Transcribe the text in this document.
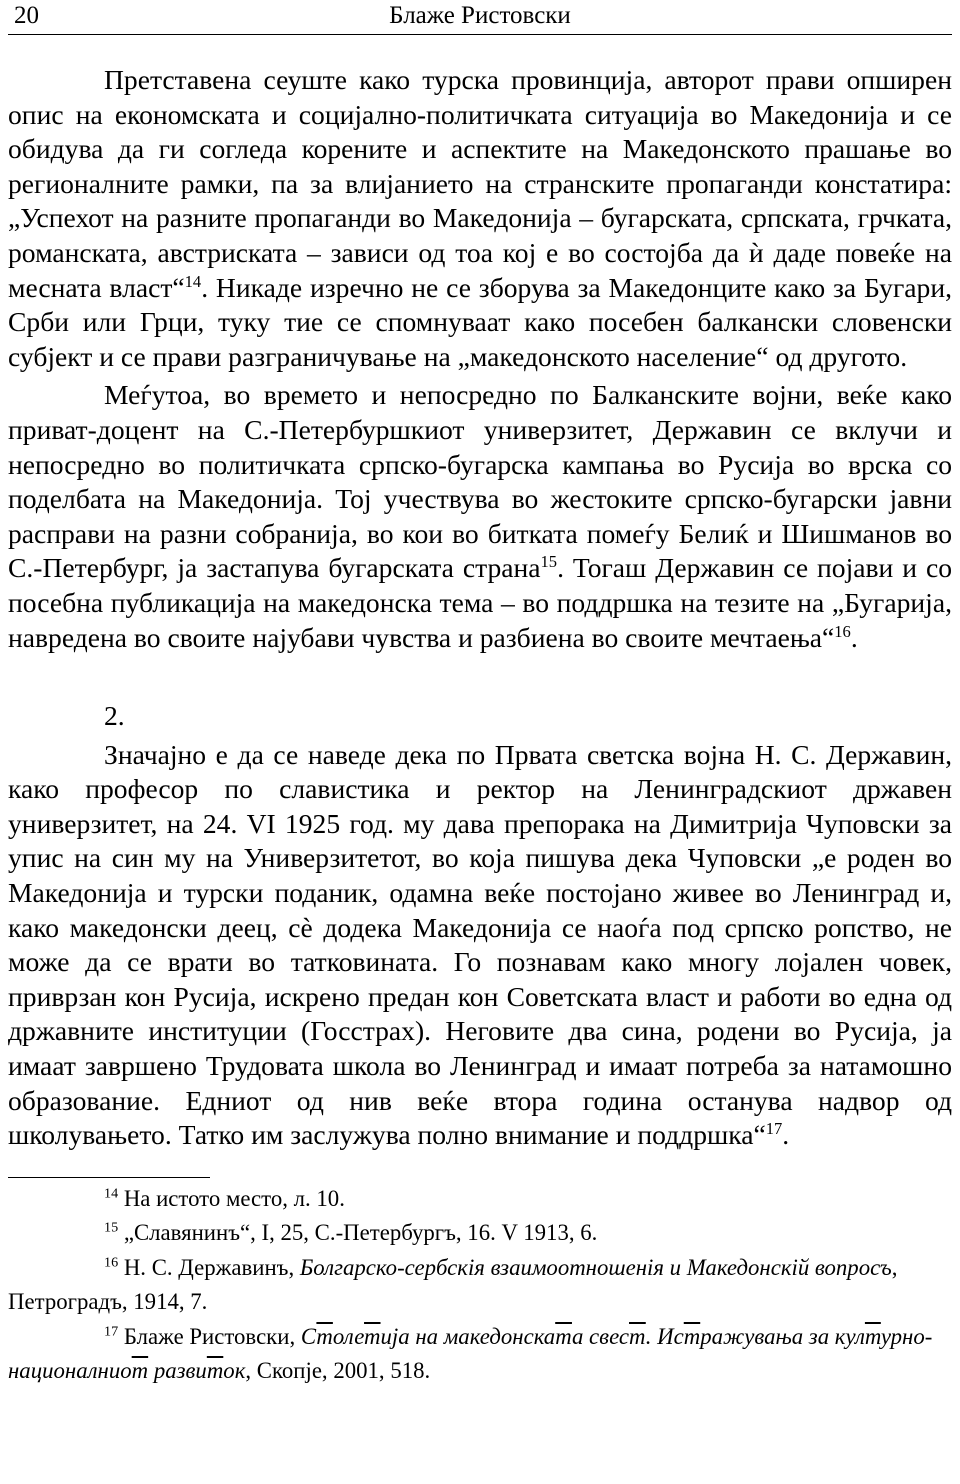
20	Блаже Ристовски

Претставена сеуште како турска провинција, авторот прави опширен опис на економската и социјално-политичката ситуација во Македонија и се обидува да ги согледа корените и аспектите на Македонското прашање во регионалните рамки, па за влијанието на странските пропаганди констатира: „Успехот на разните пропаганди во Македонија – бугарската, српската, грчката, романската, австриската – зависи од тоа кој е во состојба да ѝ даде повеќе на месната власт“$^{14}$. Никаде изречно не се зборува за Македонците како за Бугари, Срби или Грци, туку тие се спомнуваат како посебен балкански словенски субјект и се прави разграничување на „македонското население“ од другото.

Меѓутоа, во времето и непосредно по Балканските војни, веќе како приват-доцент на С.-Петербуршкиот универзитет, Державин се вклучи и непосредно во политичката српско-бугарска кампања во Русија во врска со поделбата на Македонија. Тој учествува во жестоките српско-бугарски јавни расправи на разни собранија, во кои во битката помеѓу Белиќ и Шишманов во С.-Петербург, ја застапува бугарската страна$^{15}$. Тогаш Державин се појави и со посебна публикација на македонска тема – во поддршка на тезите на „Бугарија, навредена во своите најубави чувства и разбиена во своите мечтаења“$^{16}$.

2.

Значајно е да се наведе дека по Првата светска војна Н. С. Державин, како професор по славистика и ректор на Ленинградскиот државен универзитет, на 24. VI 1925 год. му дава препорака на Димитрија Чуповски за упис на син му на Универзитетот, во која пишува дека Чуповски „е роден во Македонија и турски поданик, одамна веќе постојано живее во Ленинград и, како македонски деец, сѐ додека Македонија се наоѓа под српско ропство, не може да се врати во татковината. Го познавам како многу лојален човек, приврзан кон Русија, искрено предан кон Советската власт и работи во една од државните институции (Госстрах). Неговите два сина, родени во Русија, ја имаат завршено Трудовата школа во Ленинград и имаат потреба за натамошно образование. Едниот од нив веќе втора година останува надвор од школувањето. Татко им заслужува полно внимание и поддршка“$^{17}$.

$^{14}$ На истото место, л. 10.

$^{15}$ „Славянинъ“, I, 25, С.-Петербургъ, 16. V 1913, 6.

$^{16}$ Н. С. Державинъ, Болгарско-сербскія взаимоотношенія и Македонскій вопросъ, Петроградъ, 1914, 7.

$^{17}$ Блаже Ристовски, Столетија на македонската свест. Истражувања за културно-националниот развиток, Скопје, 2001, 518.
